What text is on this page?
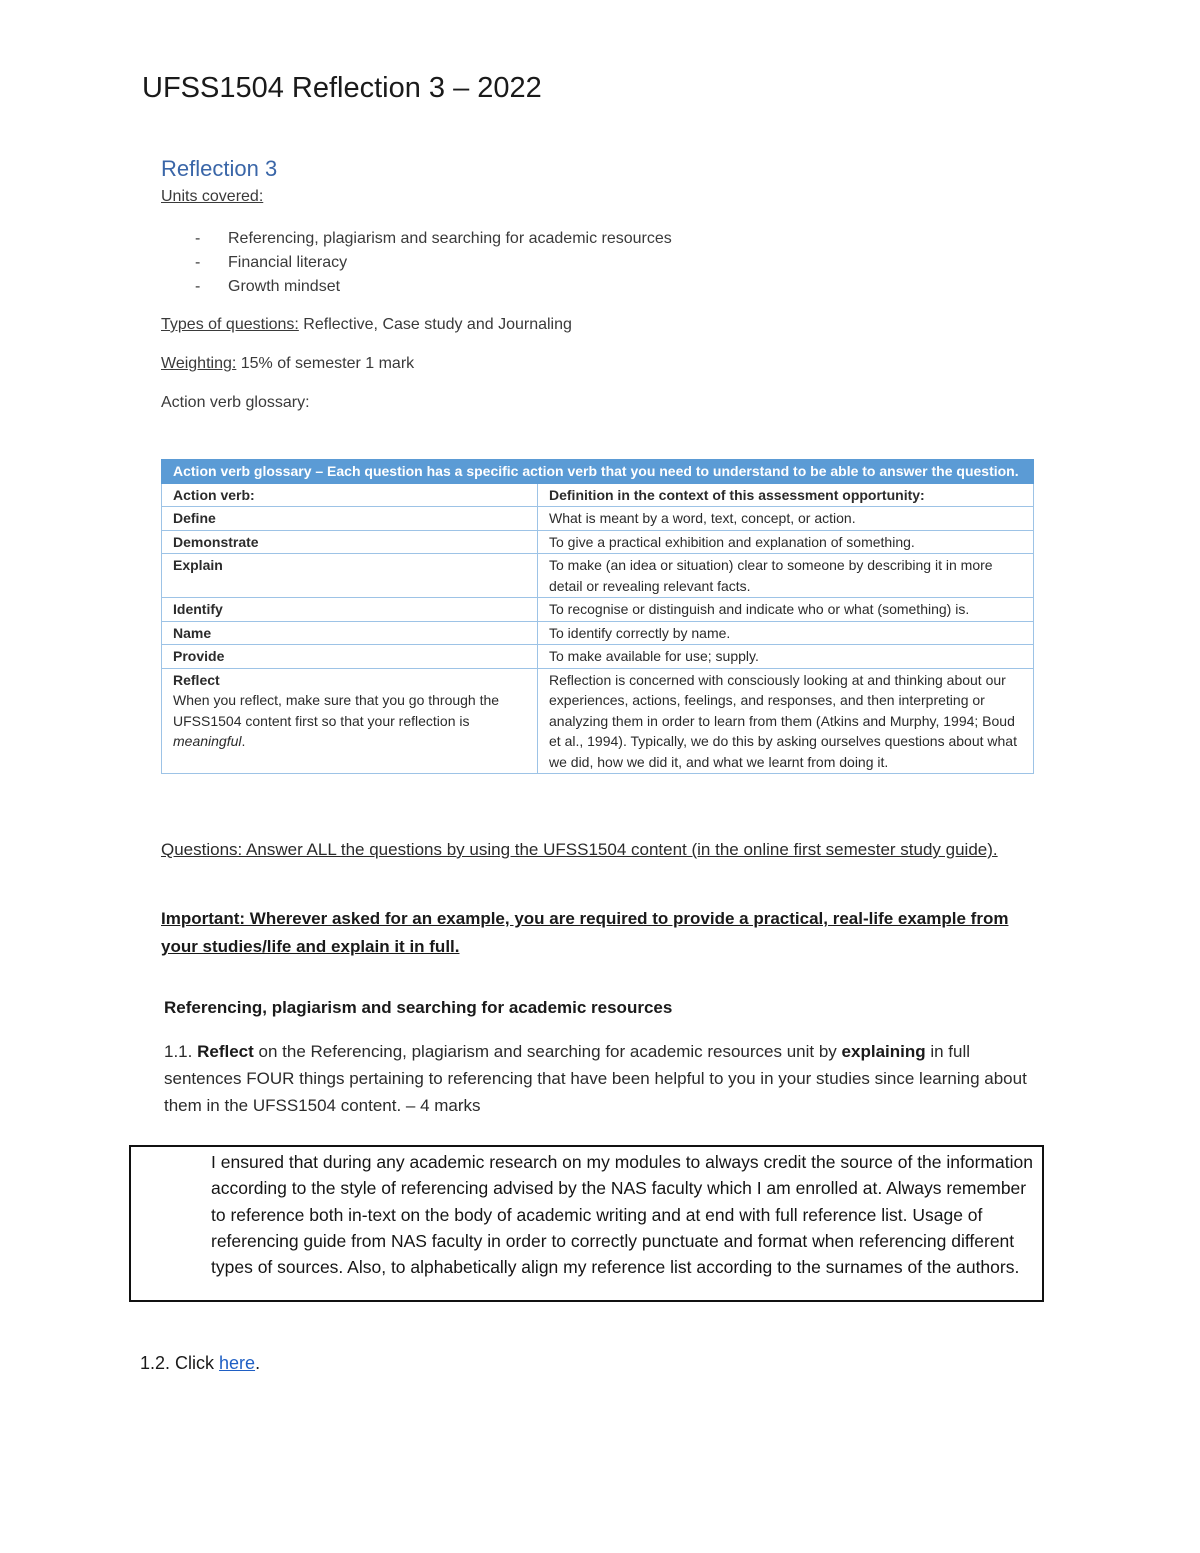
UFSS1504 Reflection 3 – 2022
Reflection 3
Units covered:
- Referencing, plagiarism and searching for academic resources
- Financial literacy
- Growth mindset
Types of questions: Reflective, Case study and Journaling
Weighting: 15% of semester 1 mark
Action verb glossary:
Action verb glossary – Each question has a specific action verb that you need to understand to be able to answer the question.	
Action verb:	Definition in the context of this assessment opportunity:
Define	What is meant by a word, text, concept, or action.
Demonstrate	To give a practical exhibition and explanation of something.
Explain	To make (an idea or situation) clear to someone by describing it in more detail or revealing relevant facts.
Identify	To recognise or distinguish and indicate who or what (something) is.
Name	To identify correctly by name.
Provide	To make available for use; supply.
Reflect
When you reflect, make sure that you go through the UFSS1504 content first so that your reflection is meaningful.	Reflection is concerned with consciously looking at and thinking about our experiences, actions, feelings, and responses, and then interpreting or analyzing them in order to learn from them (Atkins and Murphy, 1994; Boud et al., 1994). Typically, we do this by asking ourselves questions about what we did, how we did it, and what we learnt from doing it.
Questions: Answer ALL the questions by using the UFSS1504 content (in the online first semester study guide).
Important: Wherever asked for an example, you are required to provide a practical, real-life example from your studies/life and explain it in full.
Referencing, plagiarism and searching for academic resources
1.1. Reflect on the Referencing, plagiarism and searching for academic resources unit by explaining in full sentences FOUR things pertaining to referencing that have been helpful to you in your studies since learning about them in the UFSS1504 content. – 4 marks
I ensured that during any academic research on my modules to always credit the source of the information according to the style of referencing advised by the NAS faculty which I am enrolled at. Always remember to reference both in-text on the body of academic writing and at end with full reference list. Usage of referencing guide from NAS faculty in order to correctly punctuate and format when referencing different types of sources. Also, to alphabetically align my reference list according to the surnames of the authors.
1.2. Click here.
